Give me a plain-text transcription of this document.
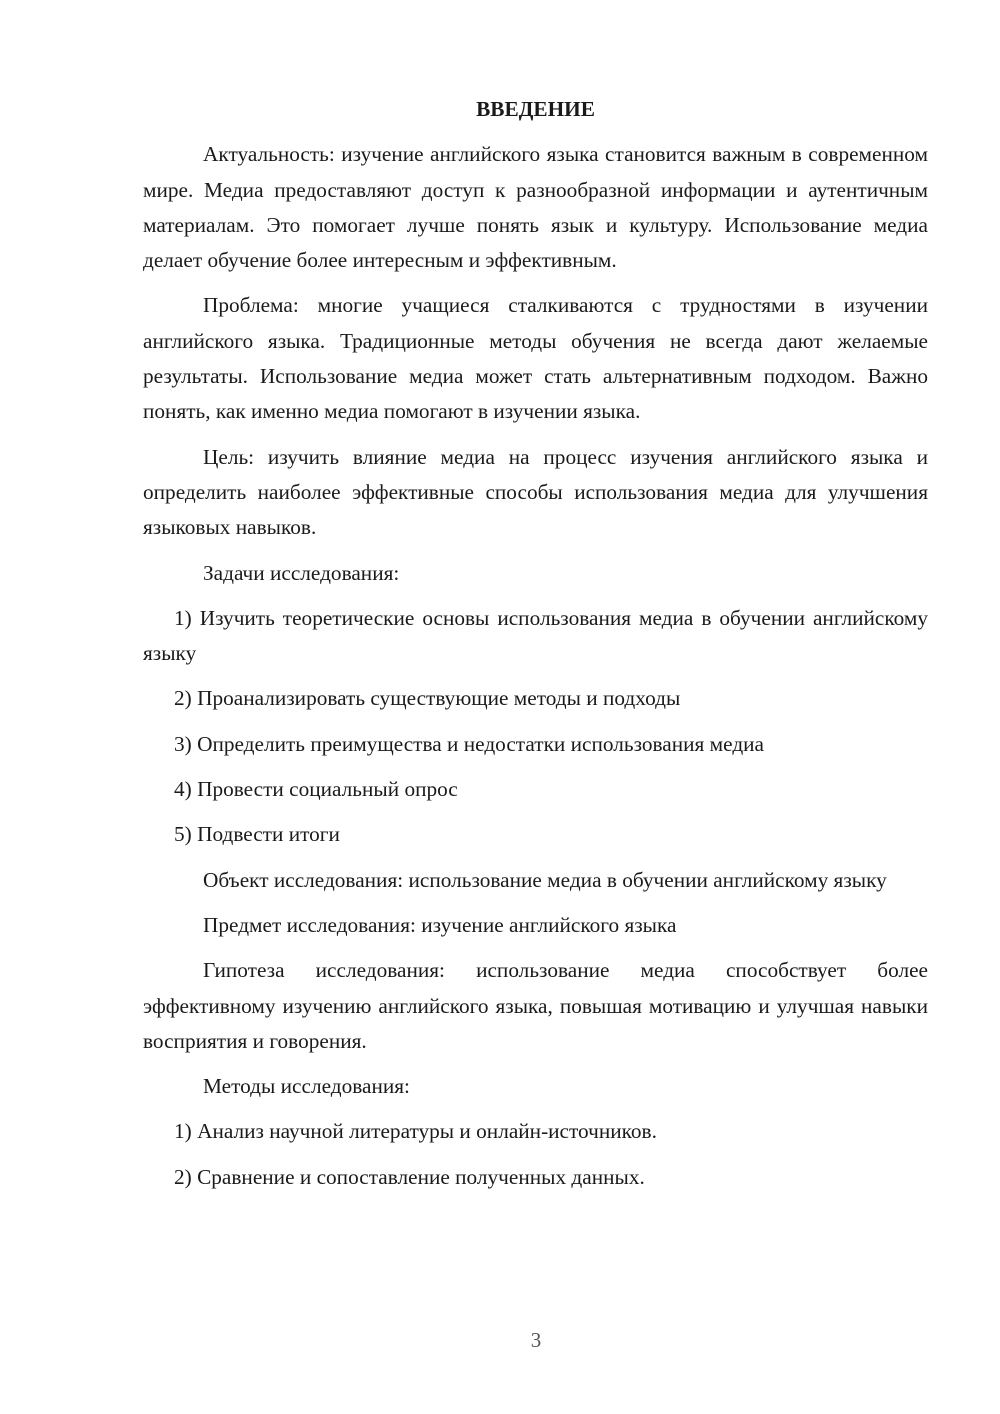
ВВЕДЕНИЕ

Актуальность: изучение английского языка становится важным в современном мире. Медиа предоставляют доступ к разнообразной информации и аутентичным материалам. Это помогает лучше понять язык и культуру. Использование медиа делает обучение более интересным и эффективным.

Проблема: многие учащиеся сталкиваются с трудностями в изучении английского языка. Традиционные методы обучения не всегда дают желаемые результаты. Использование медиа может стать альтернативным подходом. Важно понять, как именно медиа помогают в изучении языка.

Цель: изучить влияние медиа на процесс изучения английского языка и определить наиболее эффективные способы использования медиа для улучшения языковых навыков.

Задачи исследования:

1) Изучить теоретические основы использования медиа в обучении английскому языку

2) Проанализировать существующие методы и подходы

3) Определить преимущества и недостатки использования медиа

4) Провести социальный опрос

5) Подвести итоги

Объект исследования: использование медиа в обучении английскому языку

Предмет исследования: изучение английского языка

Гипотеза исследования: использование медиа способствует более эффективному изучению английского языка, повышая мотивацию и улучшая навыки восприятия и говорения.

Методы исследования:

1) Анализ научной литературы и онлайн-источников.

2) Сравнение и сопоставление полученных данных.

3
